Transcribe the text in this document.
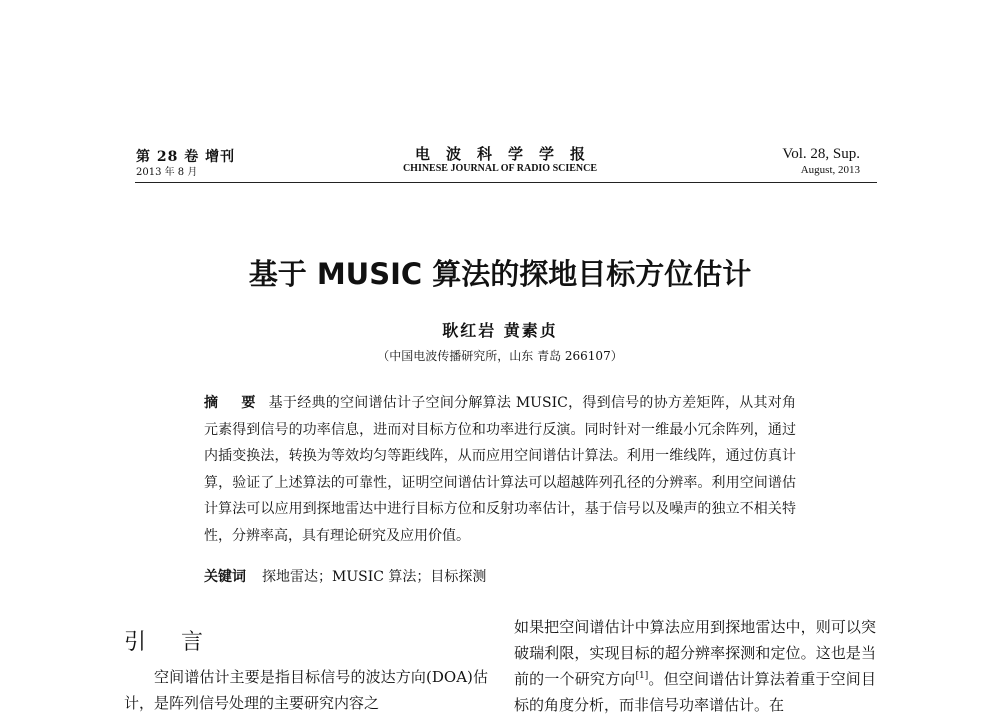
第 28 卷 增刊
2013 年 8 月
电波科学学报
CHINESE JOURNAL OF RADIO SCIENCE
Vol. 28, Sup.
August, 2013
基于 MUSIC 算法的探地目标方位估计
耿红岩 黄素贞
（中国电波传播研究所，山东 青岛 266107）
摘 要 基于经典的空间谱估计子空间分解算法 MUSIC，得到信号的协方差矩阵，从其对角元素得到信号的功率信息，进而对目标方位和功率进行反演。同时针对一维最小冗余阵列，通过内插变换法，转换为等效均匀等距线阵，从而应用空间谱估计算法。利用一维线阵，通过仿真计算，验证了上述算法的可靠性，证明空间谱估计算法可以超越阵列孔径的分辨率。利用空间谱估计算法可以应用到探地雷达中进行目标方位和反射功率估计，基于信号以及噪声的独立不相关特性，分辨率高，具有理论研究及应用价值。
关键词 探地雷达；MUSIC 算法；目标探测
引 言

空间谱估计主要是指目标信号的波达方向(DOA)估计，是阵列信号处理的主要研究内容之

如果把空间谱估计中算法应用到探地雷达中，则可以突破瑞利限，实现目标的超分辨率探测和定位。这也是当前的一个研究方向[1]。但空间谱估计算法着重于空间目标的角度分析，而非信号功率谱估计。在
